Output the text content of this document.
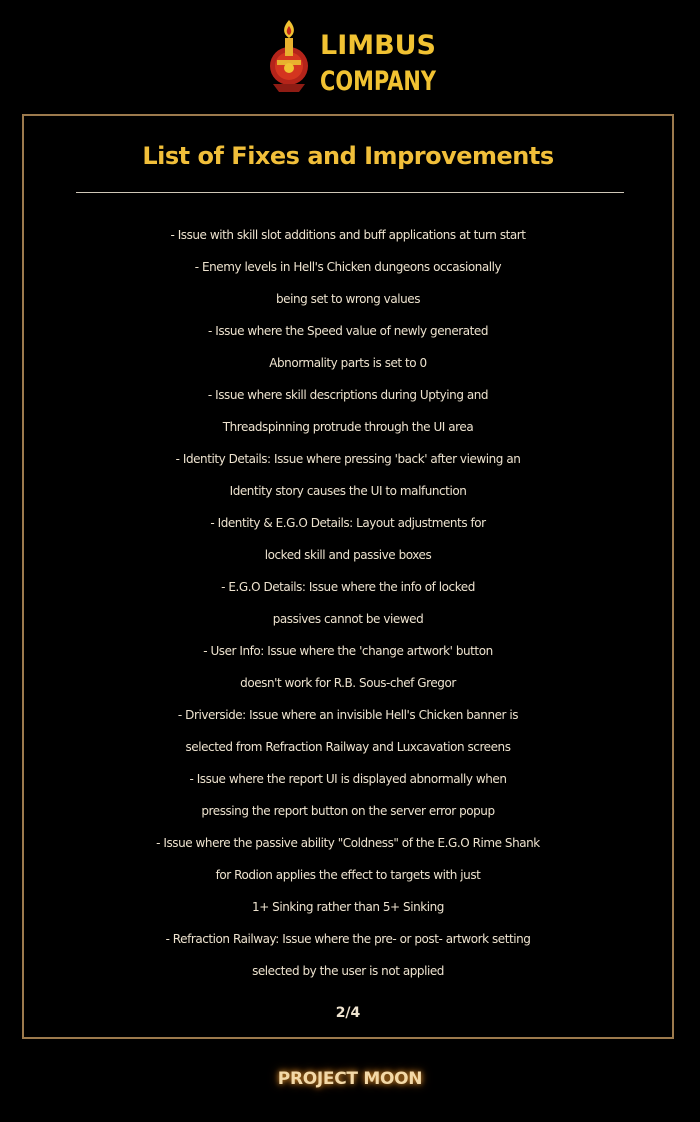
LIMBUS
COMPANY
List of Fixes and Improvements
- Issue with skill slot additions and buff applications at turn start
- Enemy levels in Hell's Chicken dungeons occasionally
being set to wrong values
- Issue where the Speed value of newly generated
Abnormality parts is set to 0
- Issue where skill descriptions during Uptying and
Threadspinning protrude through the UI area
- Identity Details: Issue where pressing 'back' after viewing an
Identity story causes the UI to malfunction
- Identity & E.G.O Details: Layout adjustments for
locked skill and passive boxes
- E.G.O Details: Issue where the info of locked
passives cannot be viewed
- User Info: Issue where the 'change artwork' button
doesn't work for R.B. Sous-chef Gregor
- Driverside: Issue where an invisible Hell's Chicken banner is
selected from Refraction Railway and Luxcavation screens
- Issue where the report UI is displayed abnormally when
pressing the report button on the server error popup
- Issue where the passive ability "Coldness" of the E.G.O Rime Shank
for Rodion applies the effect to targets with just
1+ Sinking rather than 5+ Sinking
- Refraction Railway: Issue where the pre- or post- artwork setting
selected by the user is not applied
2/4
PROJECT MOON
